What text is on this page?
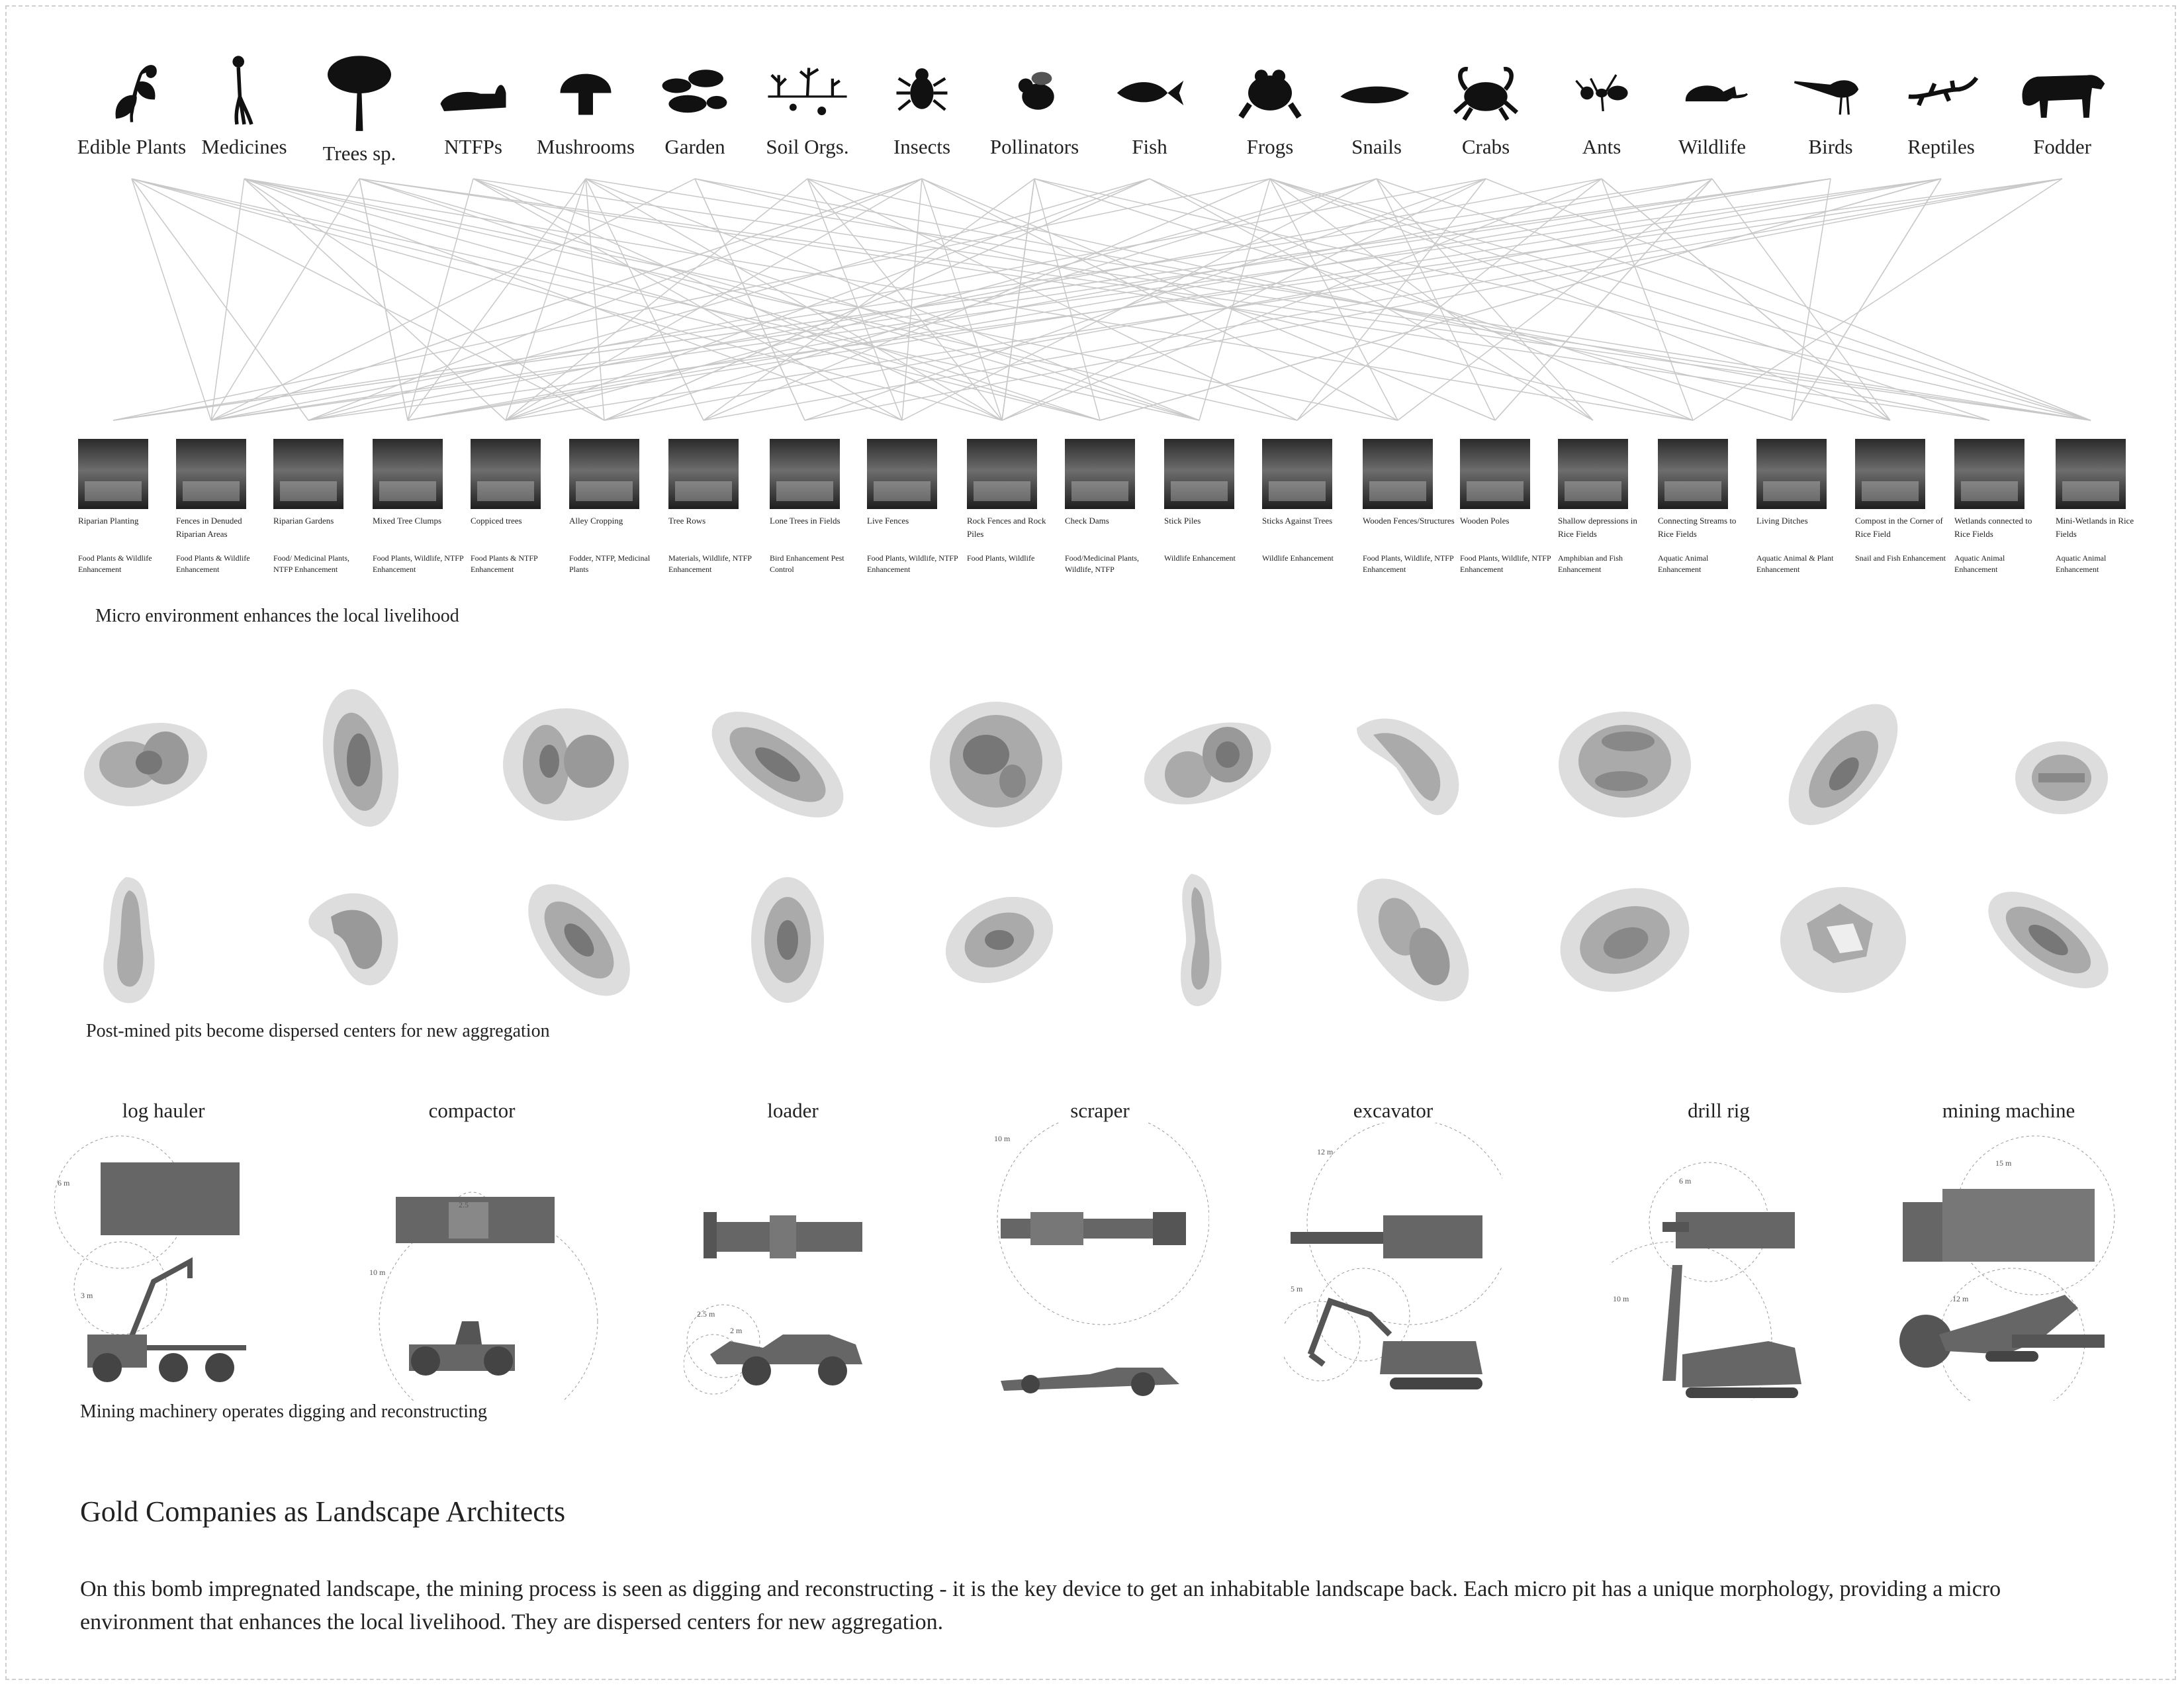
Edible Plants Medicines	Trees sp.	NTFPs	Mushrooms	Garden	Soil Orgs.	Insects	Pollinators	Fish	Frogs	Snails	Crabs	Ants	Wildlife	Birds	Reptiles	Fodder
Riparian Planting
Food Plants & Wildlife Enhancement
Fences in Denuded Riparian Areas
Food Plants & Wildlife Enhancement
Riparian Gardens
Food/ Medicinal Plants, NTFP Enhancement
Mixed Tree Clumps
Food Plants, Wildlife, NTFP Enhancement
Coppiced trees
Food Plants & NTFP Enhancement
Alley Cropping
Fodder, NTFP, Medicinal Plants
Tree Rows
Materials, Wildlife, NTFP Enhancement
Lone Trees in Fields
Bird Enhancement Pest Control
Live Fences
Food Plants, Wildlife, NTFP Enhancement
Rock Fences and Rock Piles
Food Plants, Wildlife
Check Dams
Food/Medicinal Plants, Wildlife, NTFP
Stick Piles
Wildlife Enhancement
Sticks Against Trees
Wildlife Enhancement
Wooden Fences/Structures
Food Plants, Wildlife, NTFP Enhancement
Wooden Poles
Food Plants, Wildlife, NTFP Enhancement
Shallow depressions in Rice Fields
Amphibian and Fish Enhancement
Connecting Streams to Rice Fields
Aquatic Animal Enhancement
Living Ditches
Aquatic Animal & Plant Enhancement
Compost in the Corner of Rice Field
Snail and Fish Enhancement
Wetlands connected to Rice Fields
Aquatic Animal Enhancement
Mini-Wetlands in Rice Fields
Aquatic Animal Enhancement
Micro environment enhances the local livelihood
Post-mined pits become dispersed centers for new aggregation
log hauler
6 m
3 m
compactor
10 m
2.5
loader
2.5 m
2 m
scraper
10 m
excavator
12 m
5 m
drill rig
10 m
6 m
mining machine
15 m
12 m
Mining machinery operates digging and reconstructing
Gold Companies as Landscape Architects
On this bomb impregnated landscape, the mining process is seen as digging and reconstructing - it is the key device to get an inhabitable landscape back. Each micro pit has a unique morphology, providing a micro environment that enhances the local livelihood. They are dispersed centers for new aggregation.
